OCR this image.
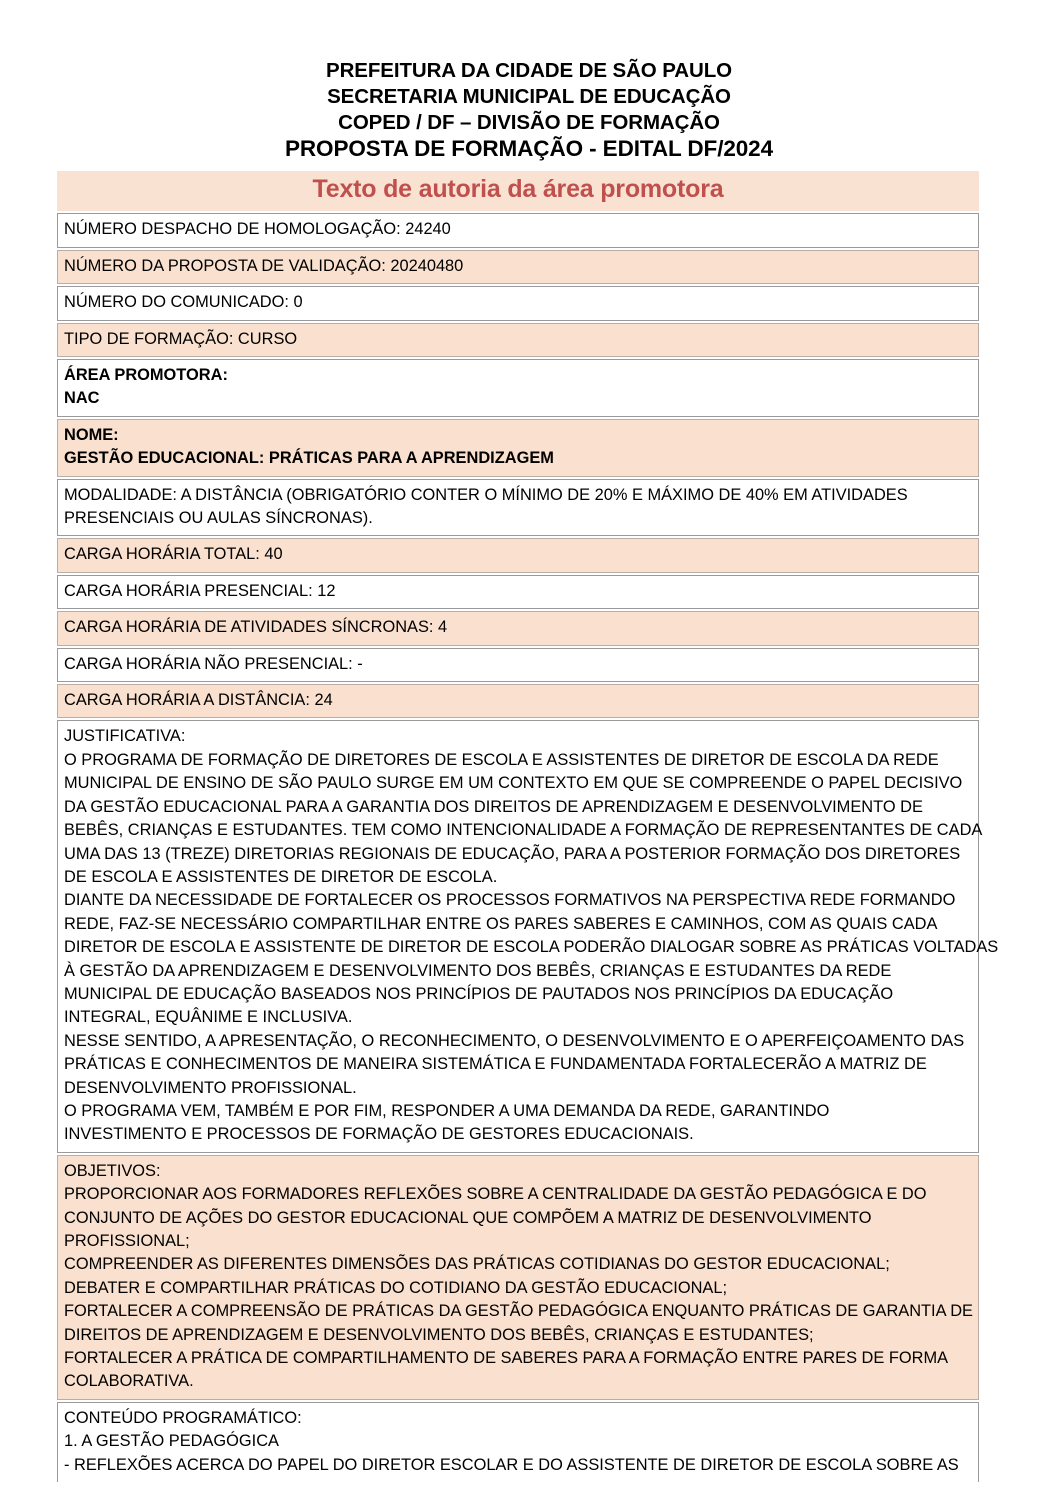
PREFEITURA DA CIDADE DE SÃO PAULO
SECRETARIA MUNICIPAL DE EDUCAÇÃO
COPED / DF – DIVISÃO DE FORMAÇÃO
PROPOSTA DE FORMAÇÃO - EDITAL DF/2024
Texto de autoria da área promotora
NÚMERO DESPACHO DE HOMOLOGAÇÃO: 24240
NÚMERO DA PROPOSTA DE VALIDAÇÃO: 20240480
NÚMERO DO COMUNICADO: 0
TIPO DE FORMAÇÃO: CURSO

ÁREA PROMOTORA:
NAC

NOME:
GESTÃO EDUCACIONAL: PRÁTICAS PARA A APRENDIZAGEM

MODALIDADE: A DISTÂNCIA (OBRIGATÓRIO CONTER O MÍNIMO DE 20% E MÁXIMO DE 40% EM ATIVIDADES
PRESENCIAIS OU AULAS SÍNCRONAS).

CARGA HORÁRIA TOTAL: 40
CARGA HORÁRIA PRESENCIAL: 12
CARGA HORÁRIA DE ATIVIDADES SÍNCRONAS: 4
CARGA HORÁRIA NÃO PRESENCIAL: -
CARGA HORÁRIA A DISTÂNCIA: 24

JUSTIFICATIVA:
O PROGRAMA DE FORMAÇÃO DE DIRETORES DE ESCOLA E ASSISTENTES DE DIRETOR DE ESCOLA DA REDE
MUNICIPAL DE ENSINO DE SÃO PAULO SURGE EM UM CONTEXTO EM QUE SE COMPREENDE O PAPEL DECISIVO
DA GESTÃO EDUCACIONAL PARA A GARANTIA DOS DIREITOS DE APRENDIZAGEM E DESENVOLVIMENTO DE
BEBÊS, CRIANÇAS E ESTUDANTES. TEM COMO INTENCIONALIDADE A FORMAÇÃO DE REPRESENTANTES DE CADA
UMA DAS 13 (TREZE) DIRETORIAS REGIONAIS DE EDUCAÇÃO, PARA A POSTERIOR FORMAÇÃO DOS DIRETORES
DE ESCOLA E ASSISTENTES DE DIRETOR DE ESCOLA.
DIANTE DA NECESSIDADE DE FORTALECER OS PROCESSOS FORMATIVOS NA PERSPECTIVA REDE FORMANDO
REDE, FAZ-SE NECESSÁRIO COMPARTILHAR ENTRE OS PARES SABERES E CAMINHOS, COM AS QUAIS CADA
DIRETOR DE ESCOLA E ASSISTENTE DE DIRETOR DE ESCOLA PODERÃO DIALOGAR SOBRE AS PRÁTICAS VOLTADAS
À GESTÃO DA APRENDIZAGEM E DESENVOLVIMENTO DOS BEBÊS, CRIANÇAS E ESTUDANTES DA REDE
MUNICIPAL DE EDUCAÇÃO BASEADOS NOS PRINCÍPIOS DE PAUTADOS NOS PRINCÍPIOS DA EDUCAÇÃO
INTEGRAL, EQUÂNIME E INCLUSIVA.
NESSE SENTIDO, A APRESENTAÇÃO, O RECONHECIMENTO, O DESENVOLVIMENTO E O APERFEIÇOAMENTO DAS
PRÁTICAS E CONHECIMENTOS DE MANEIRA SISTEMÁTICA E FUNDAMENTADA FORTALECERÃO A MATRIZ DE
DESENVOLVIMENTO PROFISSIONAL.
O PROGRAMA VEM, TAMBÉM E POR FIM, RESPONDER A UMA DEMANDA DA REDE, GARANTINDO
INVESTIMENTO E PROCESSOS DE FORMAÇÃO DE GESTORES EDUCACIONAIS.

OBJETIVOS:
PROPORCIONAR AOS FORMADORES REFLEXÕES SOBRE A CENTRALIDADE DA GESTÃO PEDAGÓGICA E DO
CONJUNTO DE AÇÕES DO GESTOR EDUCACIONAL QUE COMPÕEM A MATRIZ DE DESENVOLVIMENTO
PROFISSIONAL;
COMPREENDER AS DIFERENTES DIMENSÕES DAS PRÁTICAS COTIDIANAS DO GESTOR EDUCACIONAL;
DEBATER E COMPARTILHAR PRÁTICAS DO COTIDIANO DA GESTÃO EDUCACIONAL;
FORTALECER A COMPREENSÃO DE PRÁTICAS DA GESTÃO PEDAGÓGICA ENQUANTO PRÁTICAS DE GARANTIA DE
DIREITOS DE APRENDIZAGEM E DESENVOLVIMENTO DOS BEBÊS, CRIANÇAS E ESTUDANTES;
FORTALECER A PRÁTICA DE COMPARTILHAMENTO DE SABERES PARA A FORMAÇÃO ENTRE PARES DE FORMA
COLABORATIVA.

CONTEÚDO PROGRAMÁTICO:
1. A GESTÃO PEDAGÓGICA
- REFLEXÕES ACERCA DO PAPEL DO DIRETOR ESCOLAR E DO ASSISTENTE DE DIRETOR DE ESCOLA SOBRE AS
